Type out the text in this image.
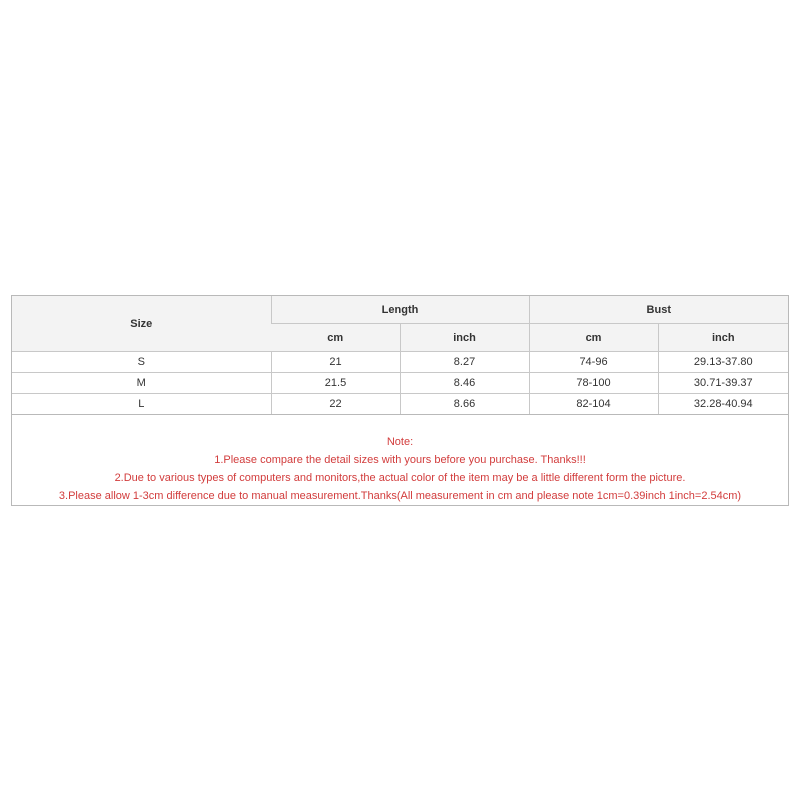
Size	Length		Bust	
	cm	inch	cm	inch
S	21	8.27	74-96	29.13-37.80
M	21.5	8.46	78-100	30.71-39.37
L	22	8.66	82-104	32.28-40.94
Note:
1.Please compare the detail sizes with yours before you purchase. Thanks!!!
2.Due to various types of computers and monitors,the actual color of the item may be a little different form the picture.
3.Please allow 1-3cm difference due to manual measurement.Thanks(All measurement in cm and please note 1cm=0.39inch 1inch=2.54cm)
